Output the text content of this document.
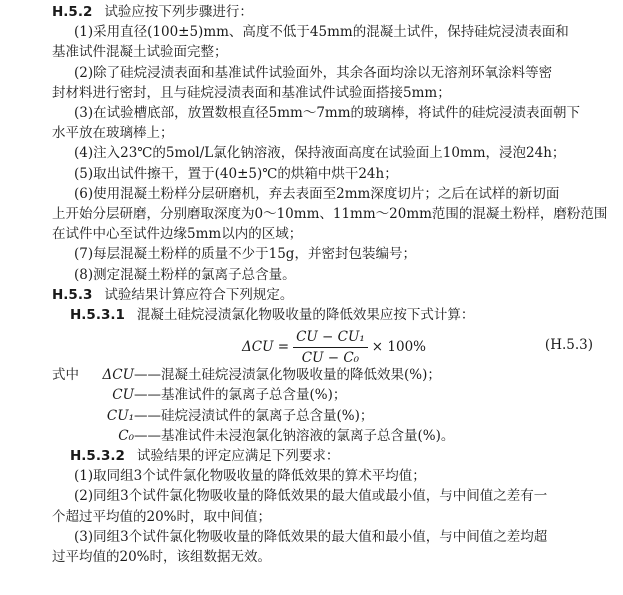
H.5.2 试验应按下列步骤进行：
(1)采用直径(100±5)mm、高度不低于45mm的混凝土试件，保持硅烷浸渍表面和
基准试件混凝土试验面完整；
(2)除了硅烷浸渍表面和基准试件试验面外，其余各面均涂以无溶剂环氧涂料等密
封材料进行密封，且与硅烷浸渍表面和基准试件试验面搭接5mm；
(3)在试验槽底部，放置数根直径5mm～7mm的玻璃棒，将试件的硅烷浸渍表面朝下
水平放在玻璃棒上；
(4)注入23℃的5mol/L氯化钠溶液，保持液面高度在试验面上10mm，浸泡24h；
(5)取出试件擦干，置于(40±5)℃的烘箱中烘干24h；
(6)使用混凝土粉样分层研磨机，弃去表面至2mm深度切片；之后在试样的新切面
上开始分层研磨，分别磨取深度为0～10mm、11mm～20mm范围的混凝土粉样，磨粉范围
在试件中心至试件边缘5mm以内的区域；
(7)每层混凝土粉样的质量不少于15g，并密封包装编号；
(8)测定混凝土粉样的氯离子总含量。
H.5.3 试验结果计算应符合下列规定。
H.5.3.1 混凝土硅烷浸渍氯化物吸收量的降低效果应按下式计算：
$\Delta CU = \frac{\text{CU − CU₁}}{\text{CU − C₀}} \times 100\%$	(H.5.3)
式中 ΔCU——混凝土硅烷浸渍氯化物吸收量的降低效果(%)；
CU——基准试件的氯离子总含量(%)；
CU₁——硅烷浸渍试件的氯离子总含量(%)；
C₀——基准试件未浸泡氯化钠溶液的氯离子总含量(%)。
H.5.3.2 试验结果的评定应满足下列要求：
(1)取同组3个试件氯化物吸收量的降低效果的算术平均值；
(2)同组3个试件氯化物吸收量的降低效果的最大值或最小值，与中间值之差有一
个超过平均值的20%时，取中间值；
(3)同组3个试件氯化物吸收量的降低效果的最大值和最小值，与中间值之差均超
过平均值的20%时，该组数据无效。
